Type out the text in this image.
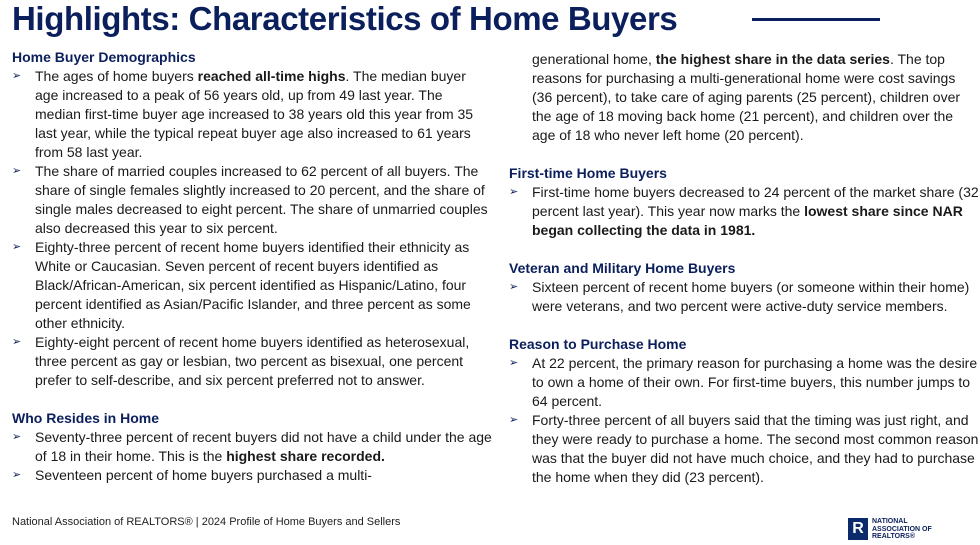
Highlights: Characteristics of Home Buyers
Home Buyer Demographics
➢ The ages of home buyers reached all-time highs. The median buyer age increased to a peak of 56 years old, up from 49 last year. The median first-time buyer age increased to 38 years old this year from 35 last year, while the typical repeat buyer age also increased to 61 years from 58 last year.
➢ The share of married couples increased to 62 percent of all buyers. The share of single females slightly increased to 20 percent, and the share of single males decreased to eight percent. The share of unmarried couples also decreased this year to six percent.
➢ Eighty-three percent of recent home buyers identified their ethnicity as White or Caucasian. Seven percent of recent buyers identified as Black/African-American, six percent identified as Hispanic/Latino, four percent identified as Asian/Pacific Islander, and three percent as some other ethnicity.
➢ Eighty-eight percent of recent home buyers identified as heterosexual, three percent as gay or lesbian, two percent as bisexual, one percent prefer to self-describe, and six percent preferred not to answer.
Who Resides in Home
➢ Seventy-three percent of recent buyers did not have a child under the age of 18 in their home. This is the highest share recorded.
➢ Seventeen percent of home buyers purchased a multi-
generational home, the highest share in the data series. The top reasons for purchasing a multi-generational home were cost savings (36 percent), to take care of aging parents (25 percent), children over the age of 18 moving back home (21 percent), and children over the age of 18 who never left home (20 percent).
First-time Home Buyers
➢ First-time home buyers decreased to 24 percent of the market share (32 percent last year). This year now marks the lowest share since NAR began collecting the data in 1981.
Veteran and Military Home Buyers
➢ Sixteen percent of recent home buyers (or someone within their home) were veterans, and two percent were active-duty service members.
Reason to Purchase Home
➢ At 22 percent, the primary reason for purchasing a home was the desire to own a home of their own. For first-time buyers, this number jumps to 64 percent.
➢ Forty-three percent of all buyers said that the timing was just right, and they were ready to purchase a home. The second most common reason was that the buyer did not have much choice, and they had to purchase the home when they did (23 percent).
National Association of REALTORS® | 2024 Profile of Home Buyers and Sellers	R	NATIONAL
ASSOCIATION OF
REALTORS®
